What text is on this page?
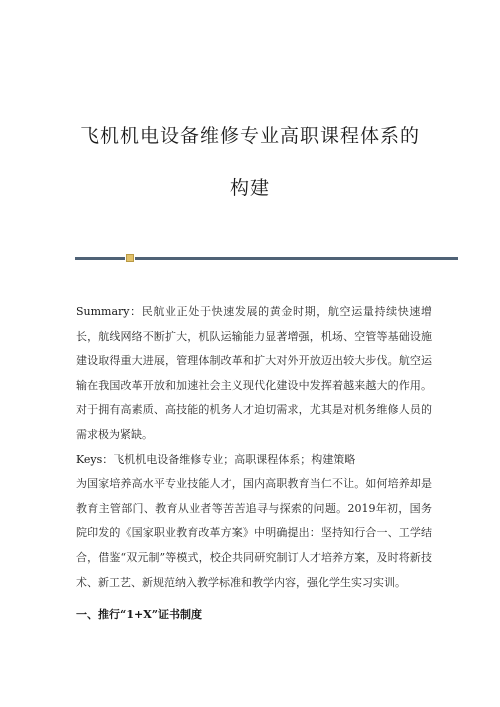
飞机机电设备维修专业高职课程体系的
构建

Summary：民航业正处于快速发展的黄金时期，航空运量持续快速增长，航线网络不断扩大，机队运输能力显著增强，机场、空管等基础设施建设取得重大进展，管理体制改革和扩大对外开放迈出较大步伐。航空运输在我国改革开放和加速社会主义现代化建设中发挥着越来越大的作用。对于拥有高素质、高技能的机务人才迫切需求，尤其是对机务维修人员的需求极为紧缺。

Keys：飞机机电设备维修专业；高职课程体系；构建策略

为国家培养高水平专业技能人才，国内高职教育当仁不让。如何培养却是教育主管部门、教育从业者等苦苦追寻与探索的问题。2019年初，国务院印发的《国家职业教育改革方案》中明确提出：坚持知行合一、工学结合，借鉴“双元制”等模式，校企共同研究制订人才培养方案，及时将新技术、新工艺、新规范纳入教学标准和教学内容，强化学生实习实训。

一、推行“1+X”证书制度
